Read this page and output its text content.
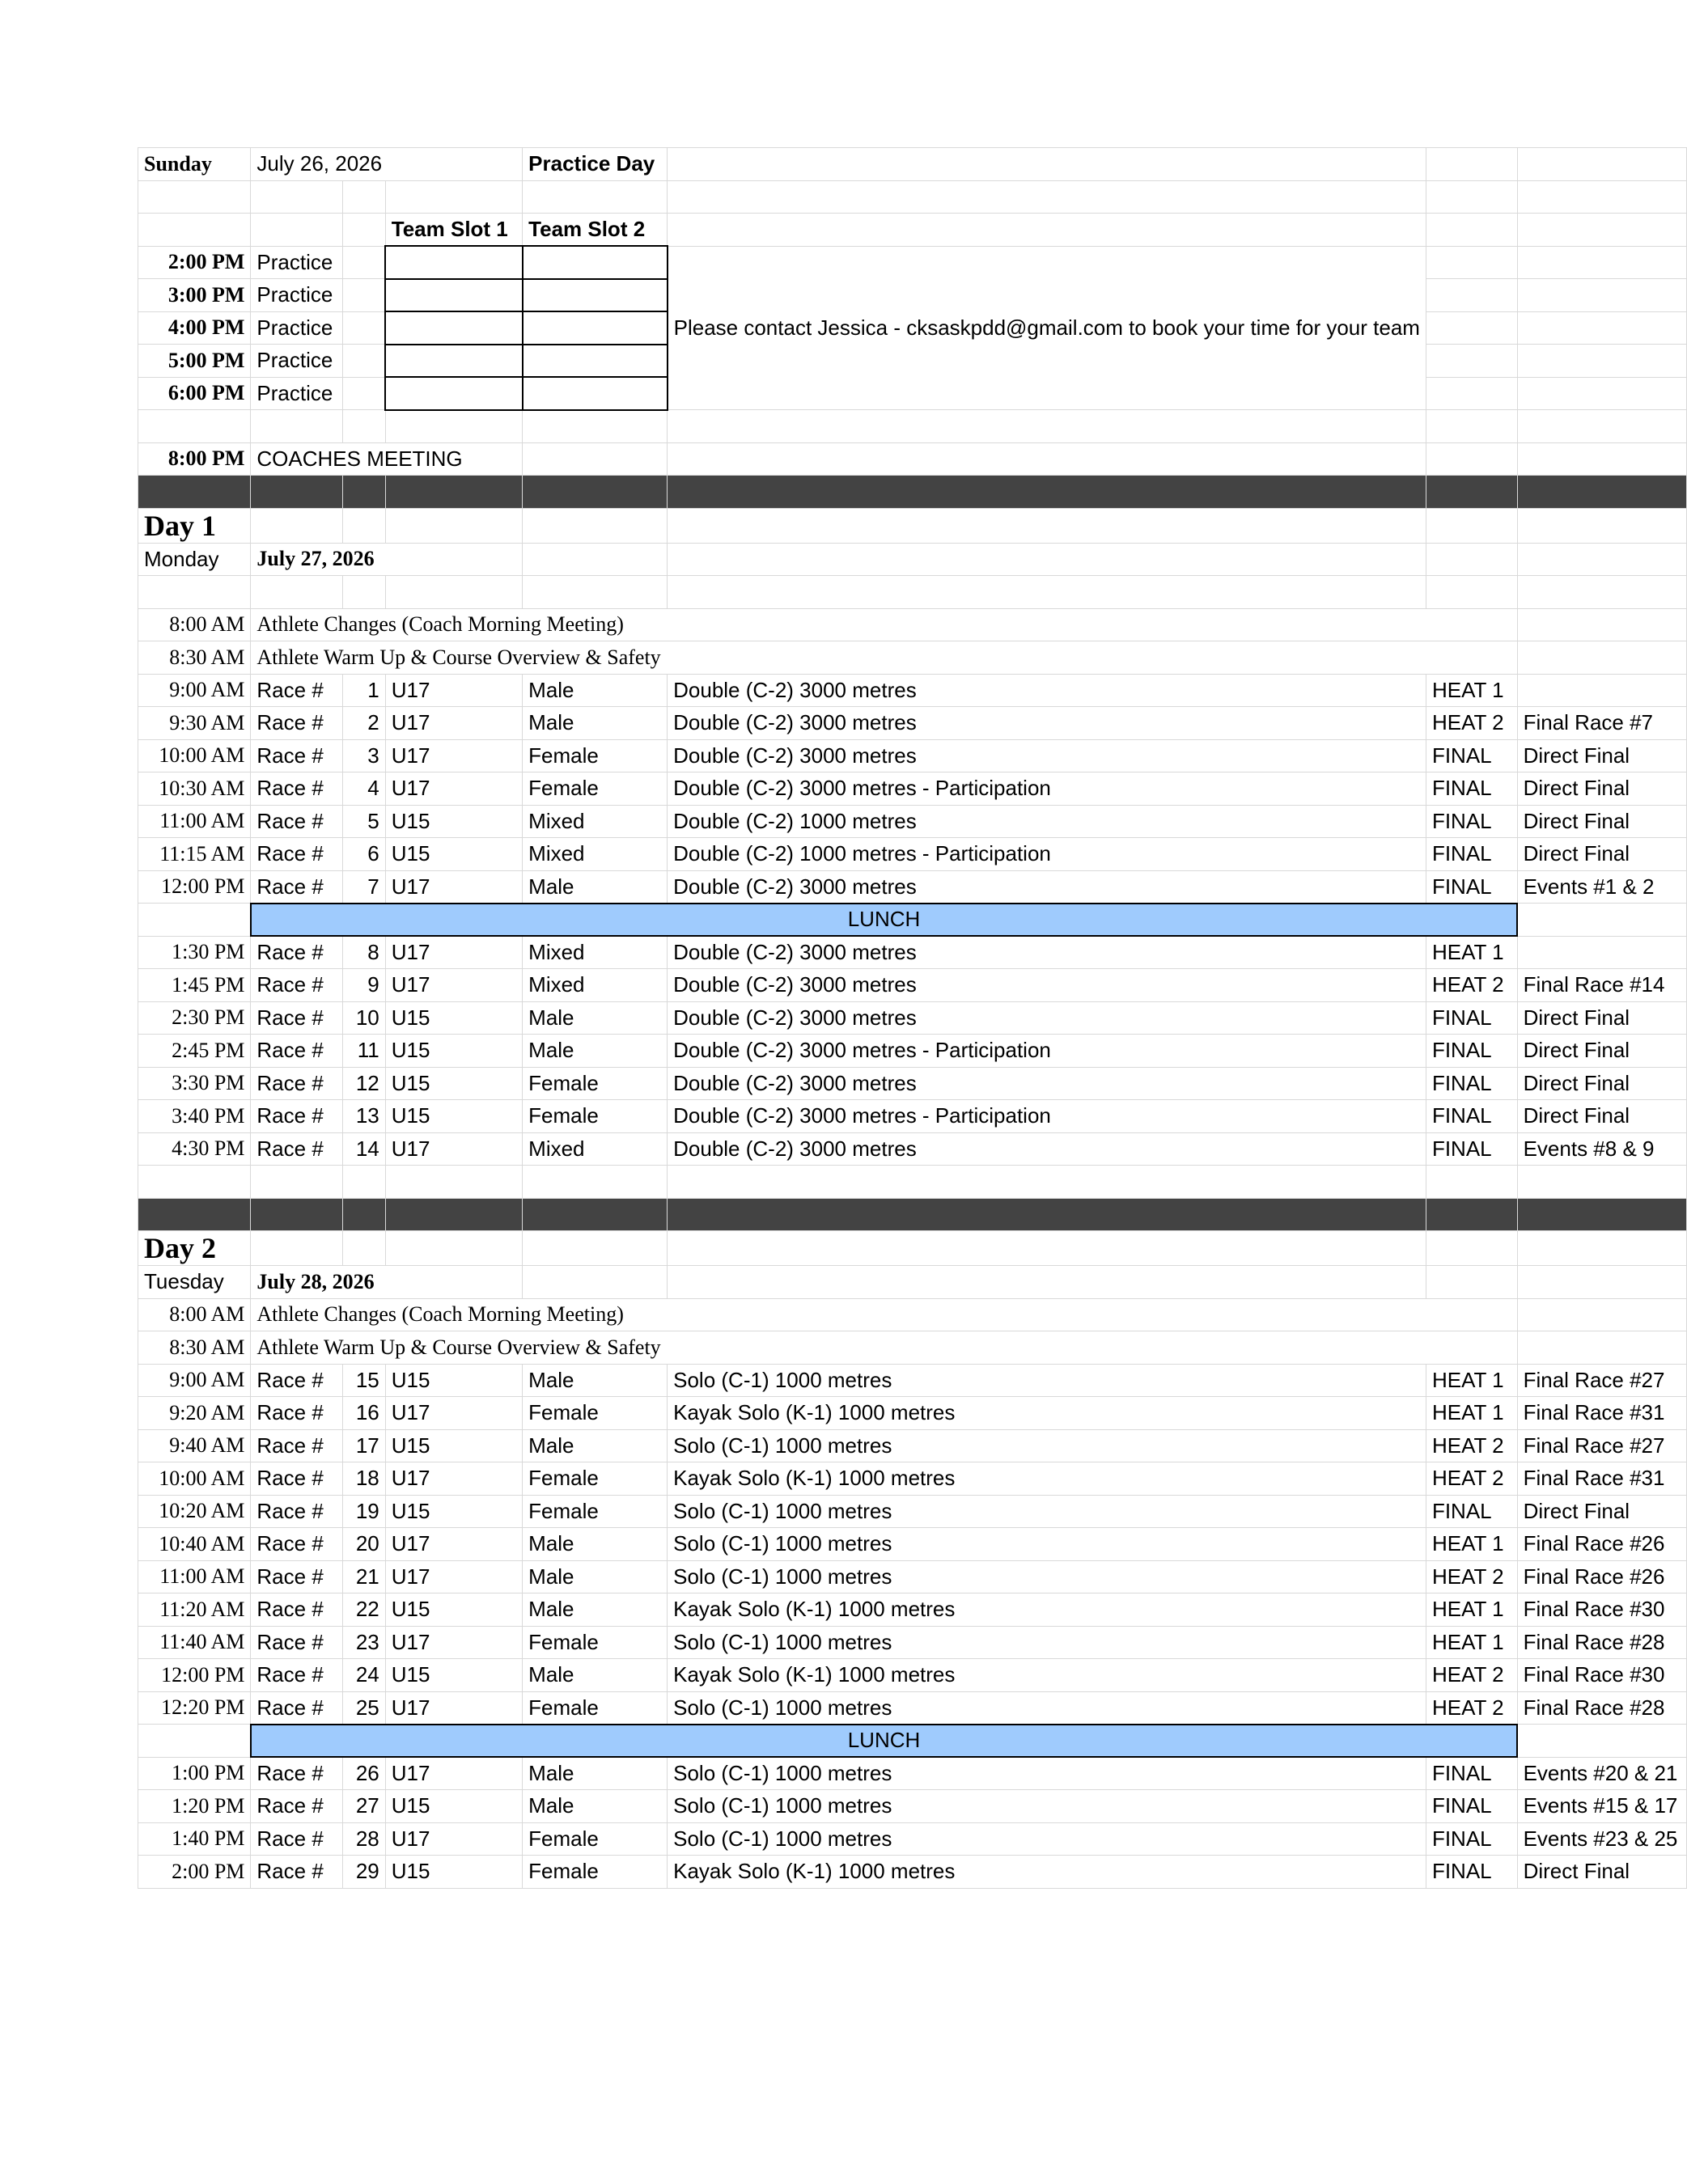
Sunday	July 26, 2026			Practice Day			

			Team Slot 1	Team Slot 2			
2:00 PM	Practice				Please contact Jessica - cksaskpdd@gmail.com to book your time for your team		
3:00 PM	Practice						
4:00 PM	Practice						
5:00 PM	Practice						
6:00 PM	Practice						

8:00 PM	COACHES MEETING						

Day 1							
Monday	July 27, 2026						

8:00 AM	Athlete Changes (Coach Morning Meeting)						
8:30 AM	Athlete Warm Up & Course Overview & Safety						
9:00 AM	Race #	1	U17	Male	Double (C-2) 3000 metres	HEAT 1	
9:30 AM	Race #	2	U17	Male	Double (C-2) 3000 metres	HEAT 2	Final Race #7
10:00 AM	Race #	3	U17	Female	Double (C-2) 3000 metres	FINAL	Direct Final
10:30 AM	Race #	4	U17	Female	Double (C-2) 3000 metres - Participation	FINAL	Direct Final
11:00 AM	Race #	5	U15	Mixed	Double (C-2) 1000 metres	FINAL	Direct Final
11:15 AM	Race #	6	U15	Mixed	Double (C-2) 1000 metres - Participation	FINAL	Direct Final
12:00 PM	Race #	7	U17	Male	Double (C-2) 3000 metres	FINAL	Events #1 & 2
	LUNCH						
1:30 PM	Race #	8	U17	Mixed	Double (C-2) 3000 metres	HEAT 1	
1:45 PM	Race #	9	U17	Mixed	Double (C-2) 3000 metres	HEAT 2	Final Race #14
2:30 PM	Race #	10	U15	Male	Double (C-2) 3000 metres	FINAL	Direct Final
2:45 PM	Race #	11	U15	Male	Double (C-2) 3000 metres - Participation	FINAL	Direct Final
3:30 PM	Race #	12	U15	Female	Double (C-2) 3000 metres	FINAL	Direct Final
3:40 PM	Race #	13	U15	Female	Double (C-2) 3000 metres - Participation	FINAL	Direct Final
4:30 PM	Race #	14	U17	Mixed	Double (C-2) 3000 metres	FINAL	Events #8 & 9

Day 2							
Tuesday	July 28, 2026						
8:00 AM	Athlete Changes (Coach Morning Meeting)						
8:30 AM	Athlete Warm Up & Course Overview & Safety						
9:00 AM	Race #	15	U15	Male	Solo (C-1) 1000 metres	HEAT 1	Final Race #27
9:20 AM	Race #	16	U17	Female	Kayak Solo (K-1) 1000 metres	HEAT 1	Final Race #31
9:40 AM	Race #	17	U15	Male	Solo (C-1) 1000 metres	HEAT 2	Final Race #27
10:00 AM	Race #	18	U17	Female	Kayak Solo (K-1) 1000 metres	HEAT 2	Final Race #31
10:20 AM	Race #	19	U15	Female	Solo (C-1) 1000 metres	FINAL	Direct Final
10:40 AM	Race #	20	U17	Male	Solo (C-1) 1000 metres	HEAT 1	Final Race #26
11:00 AM	Race #	21	U17	Male	Solo (C-1) 1000 metres	HEAT 2	Final Race #26
11:20 AM	Race #	22	U15	Male	Kayak Solo (K-1) 1000 metres	HEAT 1	Final Race #30
11:40 AM	Race #	23	U17	Female	Solo (C-1) 1000 metres	HEAT 1	Final Race #28
12:00 PM	Race #	24	U15	Male	Kayak Solo (K-1) 1000 metres	HEAT 2	Final Race #30
12:20 PM	Race #	25	U17	Female	Solo (C-1) 1000 metres	HEAT 2	Final Race #28
	LUNCH						
1:00 PM	Race #	26	U17	Male	Solo (C-1) 1000 metres	FINAL	Events #20 & 21
1:20 PM	Race #	27	U15	Male	Solo (C-1) 1000 metres	FINAL	Events #15 & 17
1:40 PM	Race #	28	U17	Female	Solo (C-1) 1000 metres	FINAL	Events #23 & 25
2:00 PM	Race #	29	U15	Female	Kayak Solo (K-1) 1000 metres	FINAL	Direct Final
